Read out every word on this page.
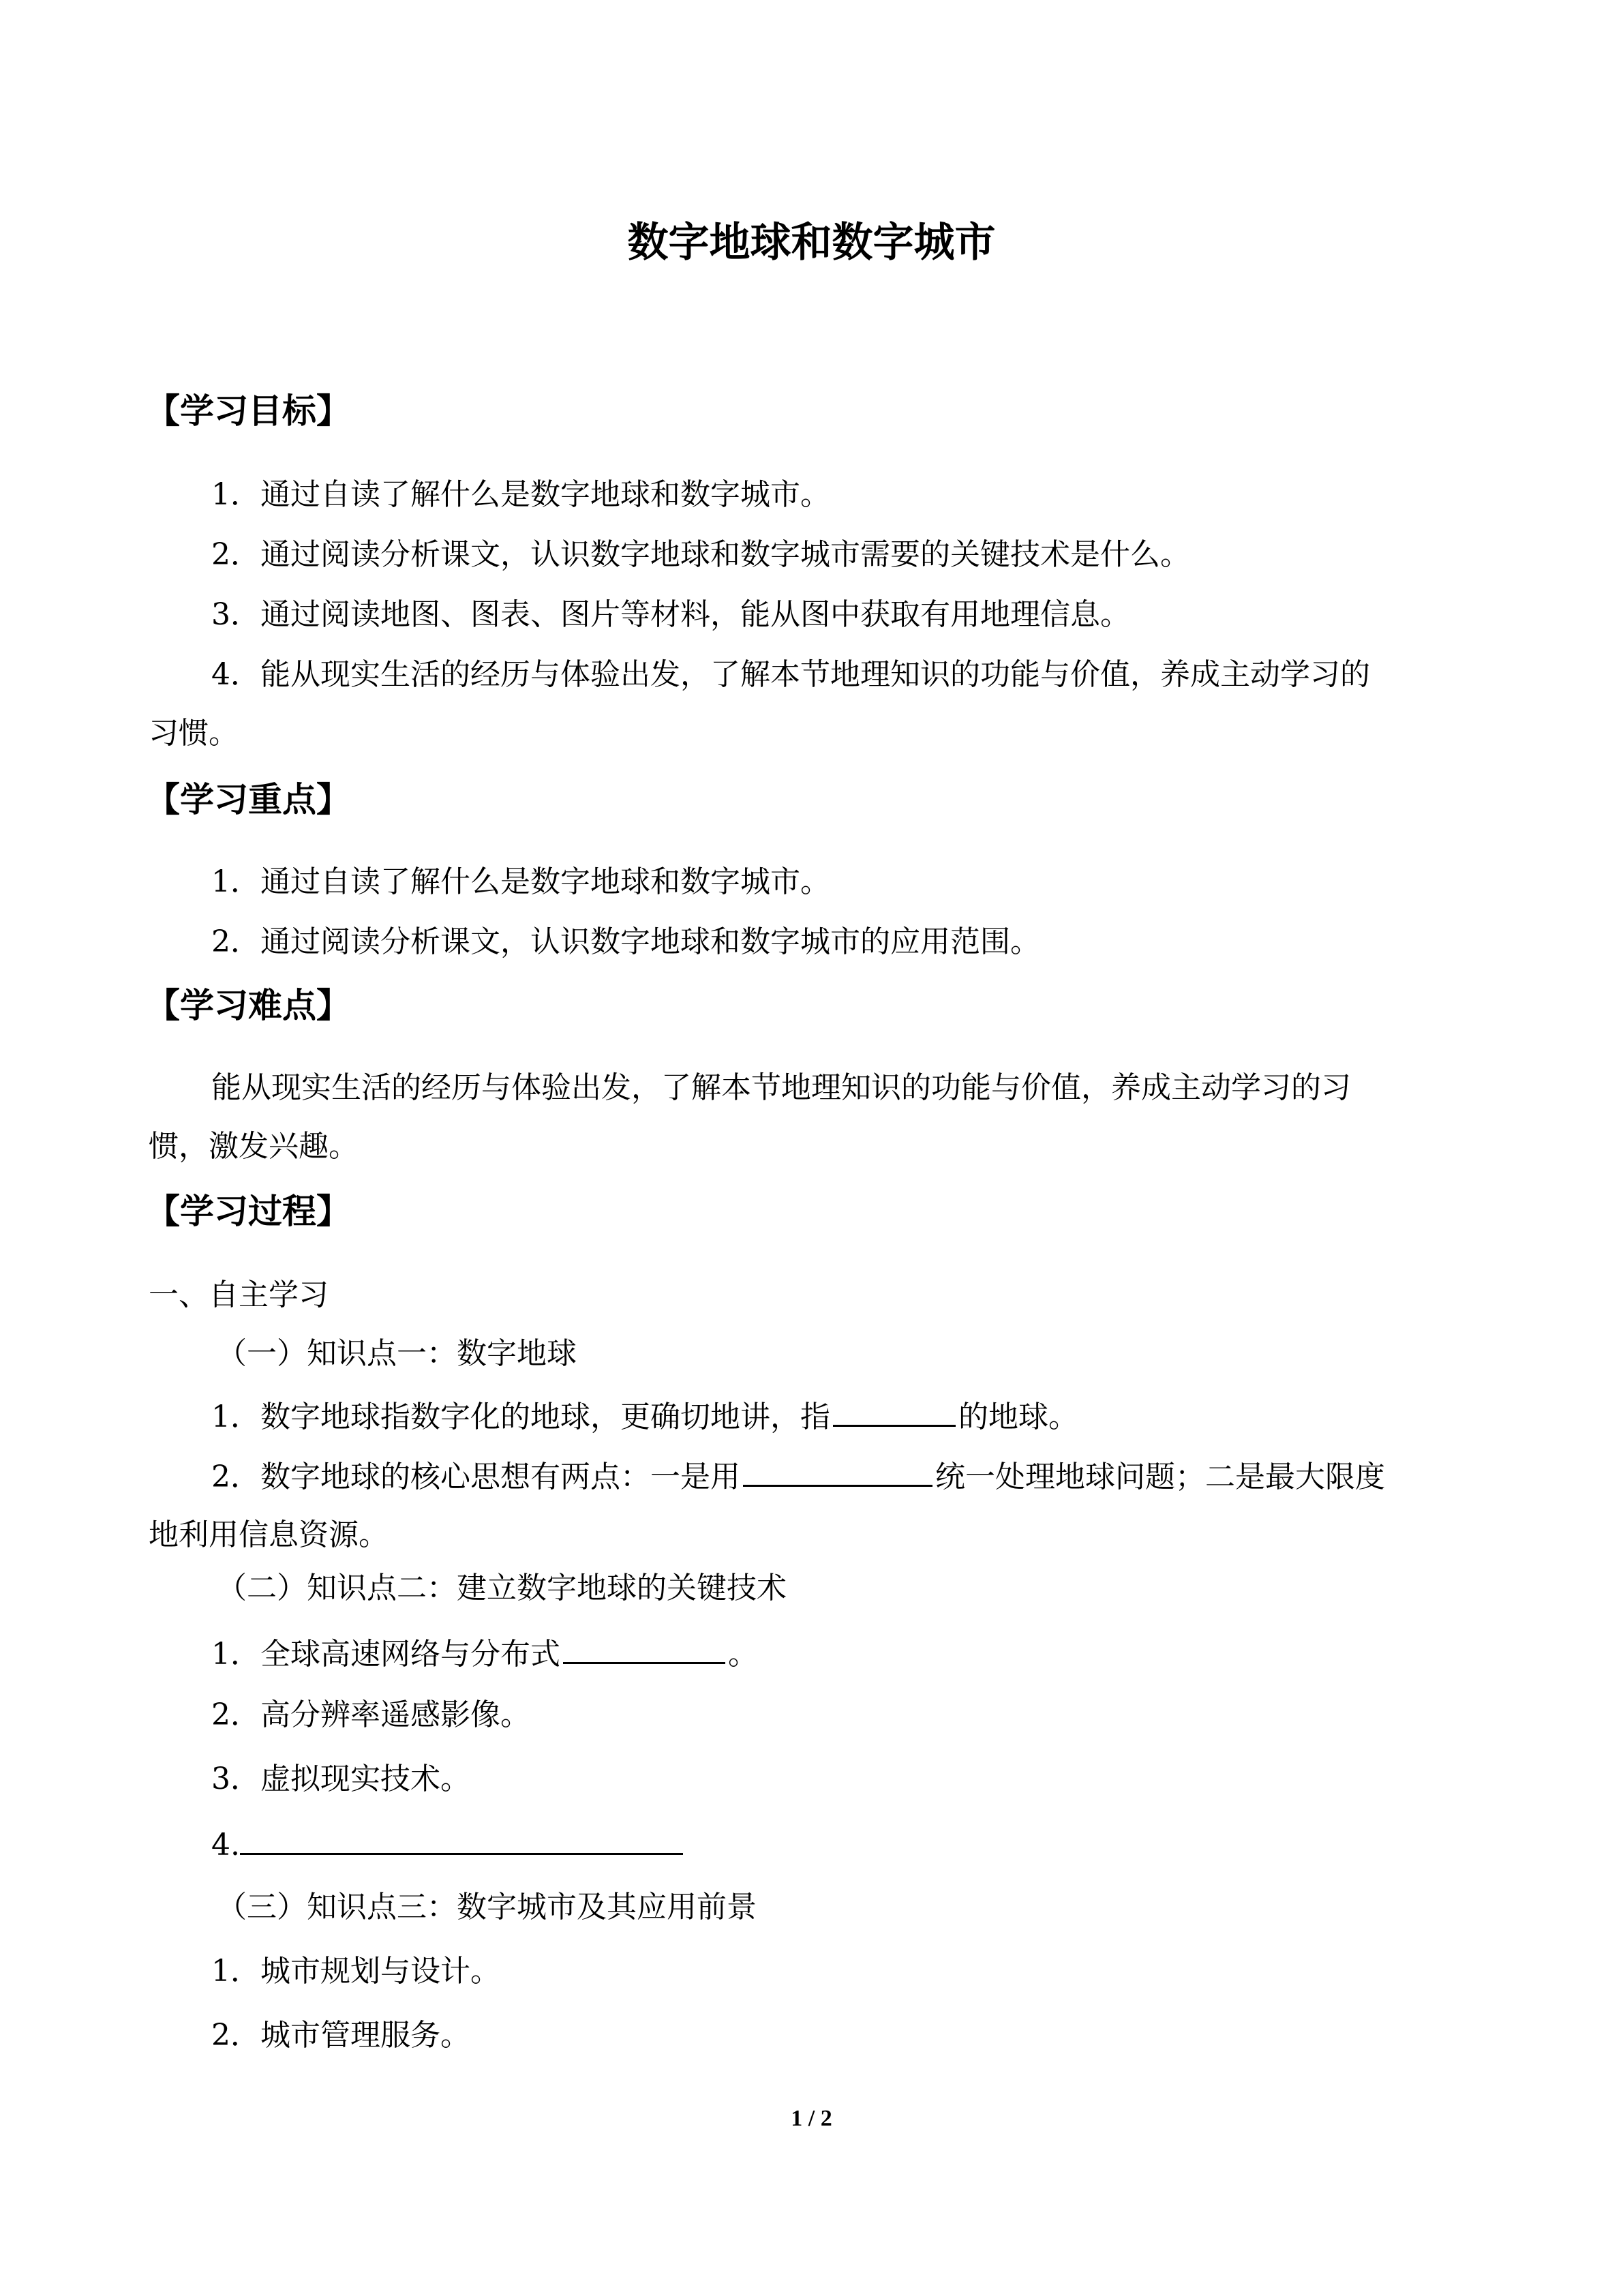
数字地球和数字城市
【学习目标】
1．通过自读了解什么是数字地球和数字城市。
2．通过阅读分析课文，认识数字地球和数字城市需要的关键技术是什么。
3．通过阅读地图、图表、图片等材料，能从图中获取有用地理信息。
4．能从现实生活的经历与体验出发，了解本节地理知识的功能与价值，养成主动学习的
习惯。
【学习重点】
1．通过自读了解什么是数字地球和数字城市。
2．通过阅读分析课文，认识数字地球和数字城市的应用范围。
【学习难点】
能从现实生活的经历与体验出发，了解本节地理知识的功能与价值，养成主动学习的习
惯，激发兴趣。
【学习过程】
一、自主学习
（一）知识点一：数字地球
1．数字地球指数字化的地球，更确切地讲，指	的地球。
2．数字地球的核心思想有两点：一是用	统一处理地球问题；二是最大限度
地利用信息资源。
（二）知识点二：建立数字地球的关键技术
1．全球高速网络与分布式	。
2．高分辨率遥感影像。
3．虚拟现实技术。
4.
（三）知识点三：数字城市及其应用前景
1．城市规划与设计。
2．城市管理服务。
1 / 2
